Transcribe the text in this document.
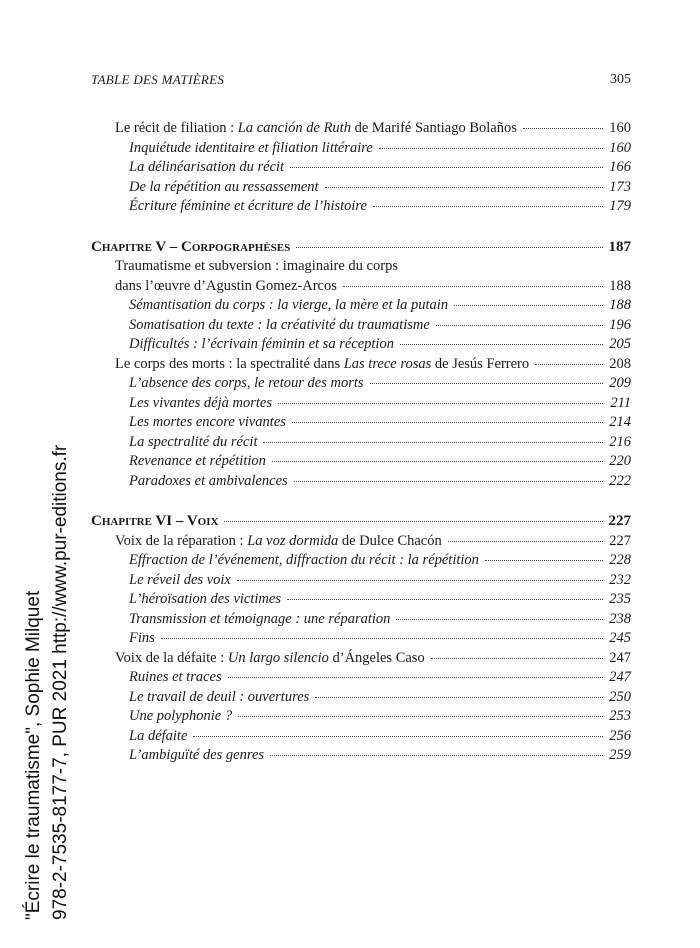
TABLE DES MATIÈRES	305
Le récit de filiation : La canción de Ruth de Marifé Santiago Bolaños	160
Inquiétude identitaire et filiation littéraire	160
La délinéarisation du récit	166
De la répétition au ressassement	173
Écriture féminine et écriture de l’histoire	179
Chapitre V – Corpographèses	187
Traumatisme et subversion : imaginaire du corps
dans l’œuvre d’Agustin Gomez-Arcos	188
Sémantisation du corps : la vierge, la mère et la putain	188
Somatisation du texte : la créativité du traumatisme	196
Difficultés : l’écrivain féminin et sa réception	205
Le corps des morts : la spectralité dans Las trece rosas de Jesús Ferrero	208
L’absence des corps, le retour des morts	209
Les vivantes déjà mortes	211
Les mortes encore vivantes	214
La spectralité du récit	216
Revenance et répétition	220
Paradoxes et ambivalences	222
Chapitre VI – Voix	227
Voix de la réparation : La voz dormida de Dulce Chacón	227
Effraction de l’événement, diffraction du récit : la répétition	228
Le réveil des voix	232
L’héroïsation des victimes	235
Transmission et témoignage : une réparation	238
Fins	245
Voix de la défaite : Un largo silencio d’Ángeles Caso	247
Ruines et traces	247
Le travail de deuil : ouvertures	250
Une polyphonie ?	253
La défaite	256
L’ambiguïté des genres	259
"Écrire le traumatisme", Sophie Milquet 978-2-7535-8177-7, PUR 2021 http://www.pur-editions.fr
